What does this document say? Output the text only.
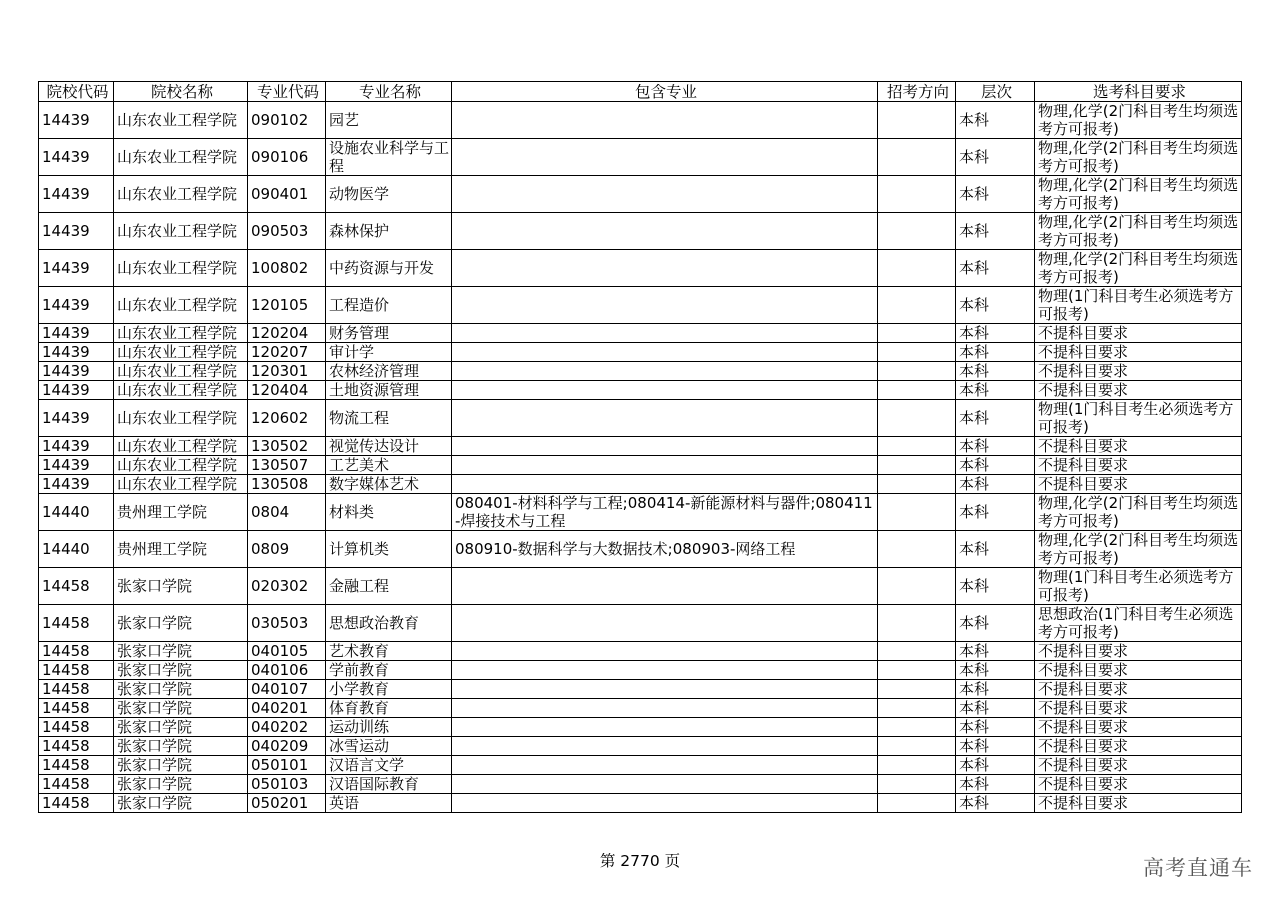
院校代码	院校名称	专业代码	专业名称	包含专业	招考方向	层次	选考科目要求
14439	山东农业工程学院	090102	园艺			本科	物理,化学(2门科目考生均须选考方可报考)
14439	山东农业工程学院	090106	设施农业科学与工程			本科	物理,化学(2门科目考生均须选考方可报考)
14439	山东农业工程学院	090401	动物医学			本科	物理,化学(2门科目考生均须选考方可报考)
14439	山东农业工程学院	090503	森林保护			本科	物理,化学(2门科目考生均须选考方可报考)
14439	山东农业工程学院	100802	中药资源与开发			本科	物理,化学(2门科目考生均须选考方可报考)
14439	山东农业工程学院	120105	工程造价			本科	物理(1门科目考生必须选考方可报考)
14439	山东农业工程学院	120204	财务管理			本科	不提科目要求
14439	山东农业工程学院	120207	审计学			本科	不提科目要求
14439	山东农业工程学院	120301	农林经济管理			本科	不提科目要求
14439	山东农业工程学院	120404	土地资源管理			本科	不提科目要求
14439	山东农业工程学院	120602	物流工程			本科	物理(1门科目考生必须选考方可报考)
14439	山东农业工程学院	130502	视觉传达设计			本科	不提科目要求
14439	山东农业工程学院	130507	工艺美术			本科	不提科目要求
14439	山东农业工程学院	130508	数字媒体艺术			本科	不提科目要求
14440	贵州理工学院	0804	材料类	080401-材料科学与工程;080414-新能源材料与器件;080411-焊接技术与工程		本科	物理,化学(2门科目考生均须选考方可报考)
14440	贵州理工学院	0809	计算机类	080910-数据科学与大数据技术;080903-网络工程		本科	物理,化学(2门科目考生均须选考方可报考)
14458	张家口学院	020302	金融工程			本科	物理(1门科目考生必须选考方可报考)
14458	张家口学院	030503	思想政治教育			本科	思想政治(1门科目考生必须选考方可报考)
14458	张家口学院	040105	艺术教育			本科	不提科目要求
14458	张家口学院	040106	学前教育			本科	不提科目要求
14458	张家口学院	040107	小学教育			本科	不提科目要求
14458	张家口学院	040201	体育教育			本科	不提科目要求
14458	张家口学院	040202	运动训练			本科	不提科目要求
14458	张家口学院	040209	冰雪运动			本科	不提科目要求
14458	张家口学院	050101	汉语言文学			本科	不提科目要求
14458	张家口学院	050103	汉语国际教育			本科	不提科目要求
14458	张家口学院	050201	英语			本科	不提科目要求
第 2770 页	高考直通车
